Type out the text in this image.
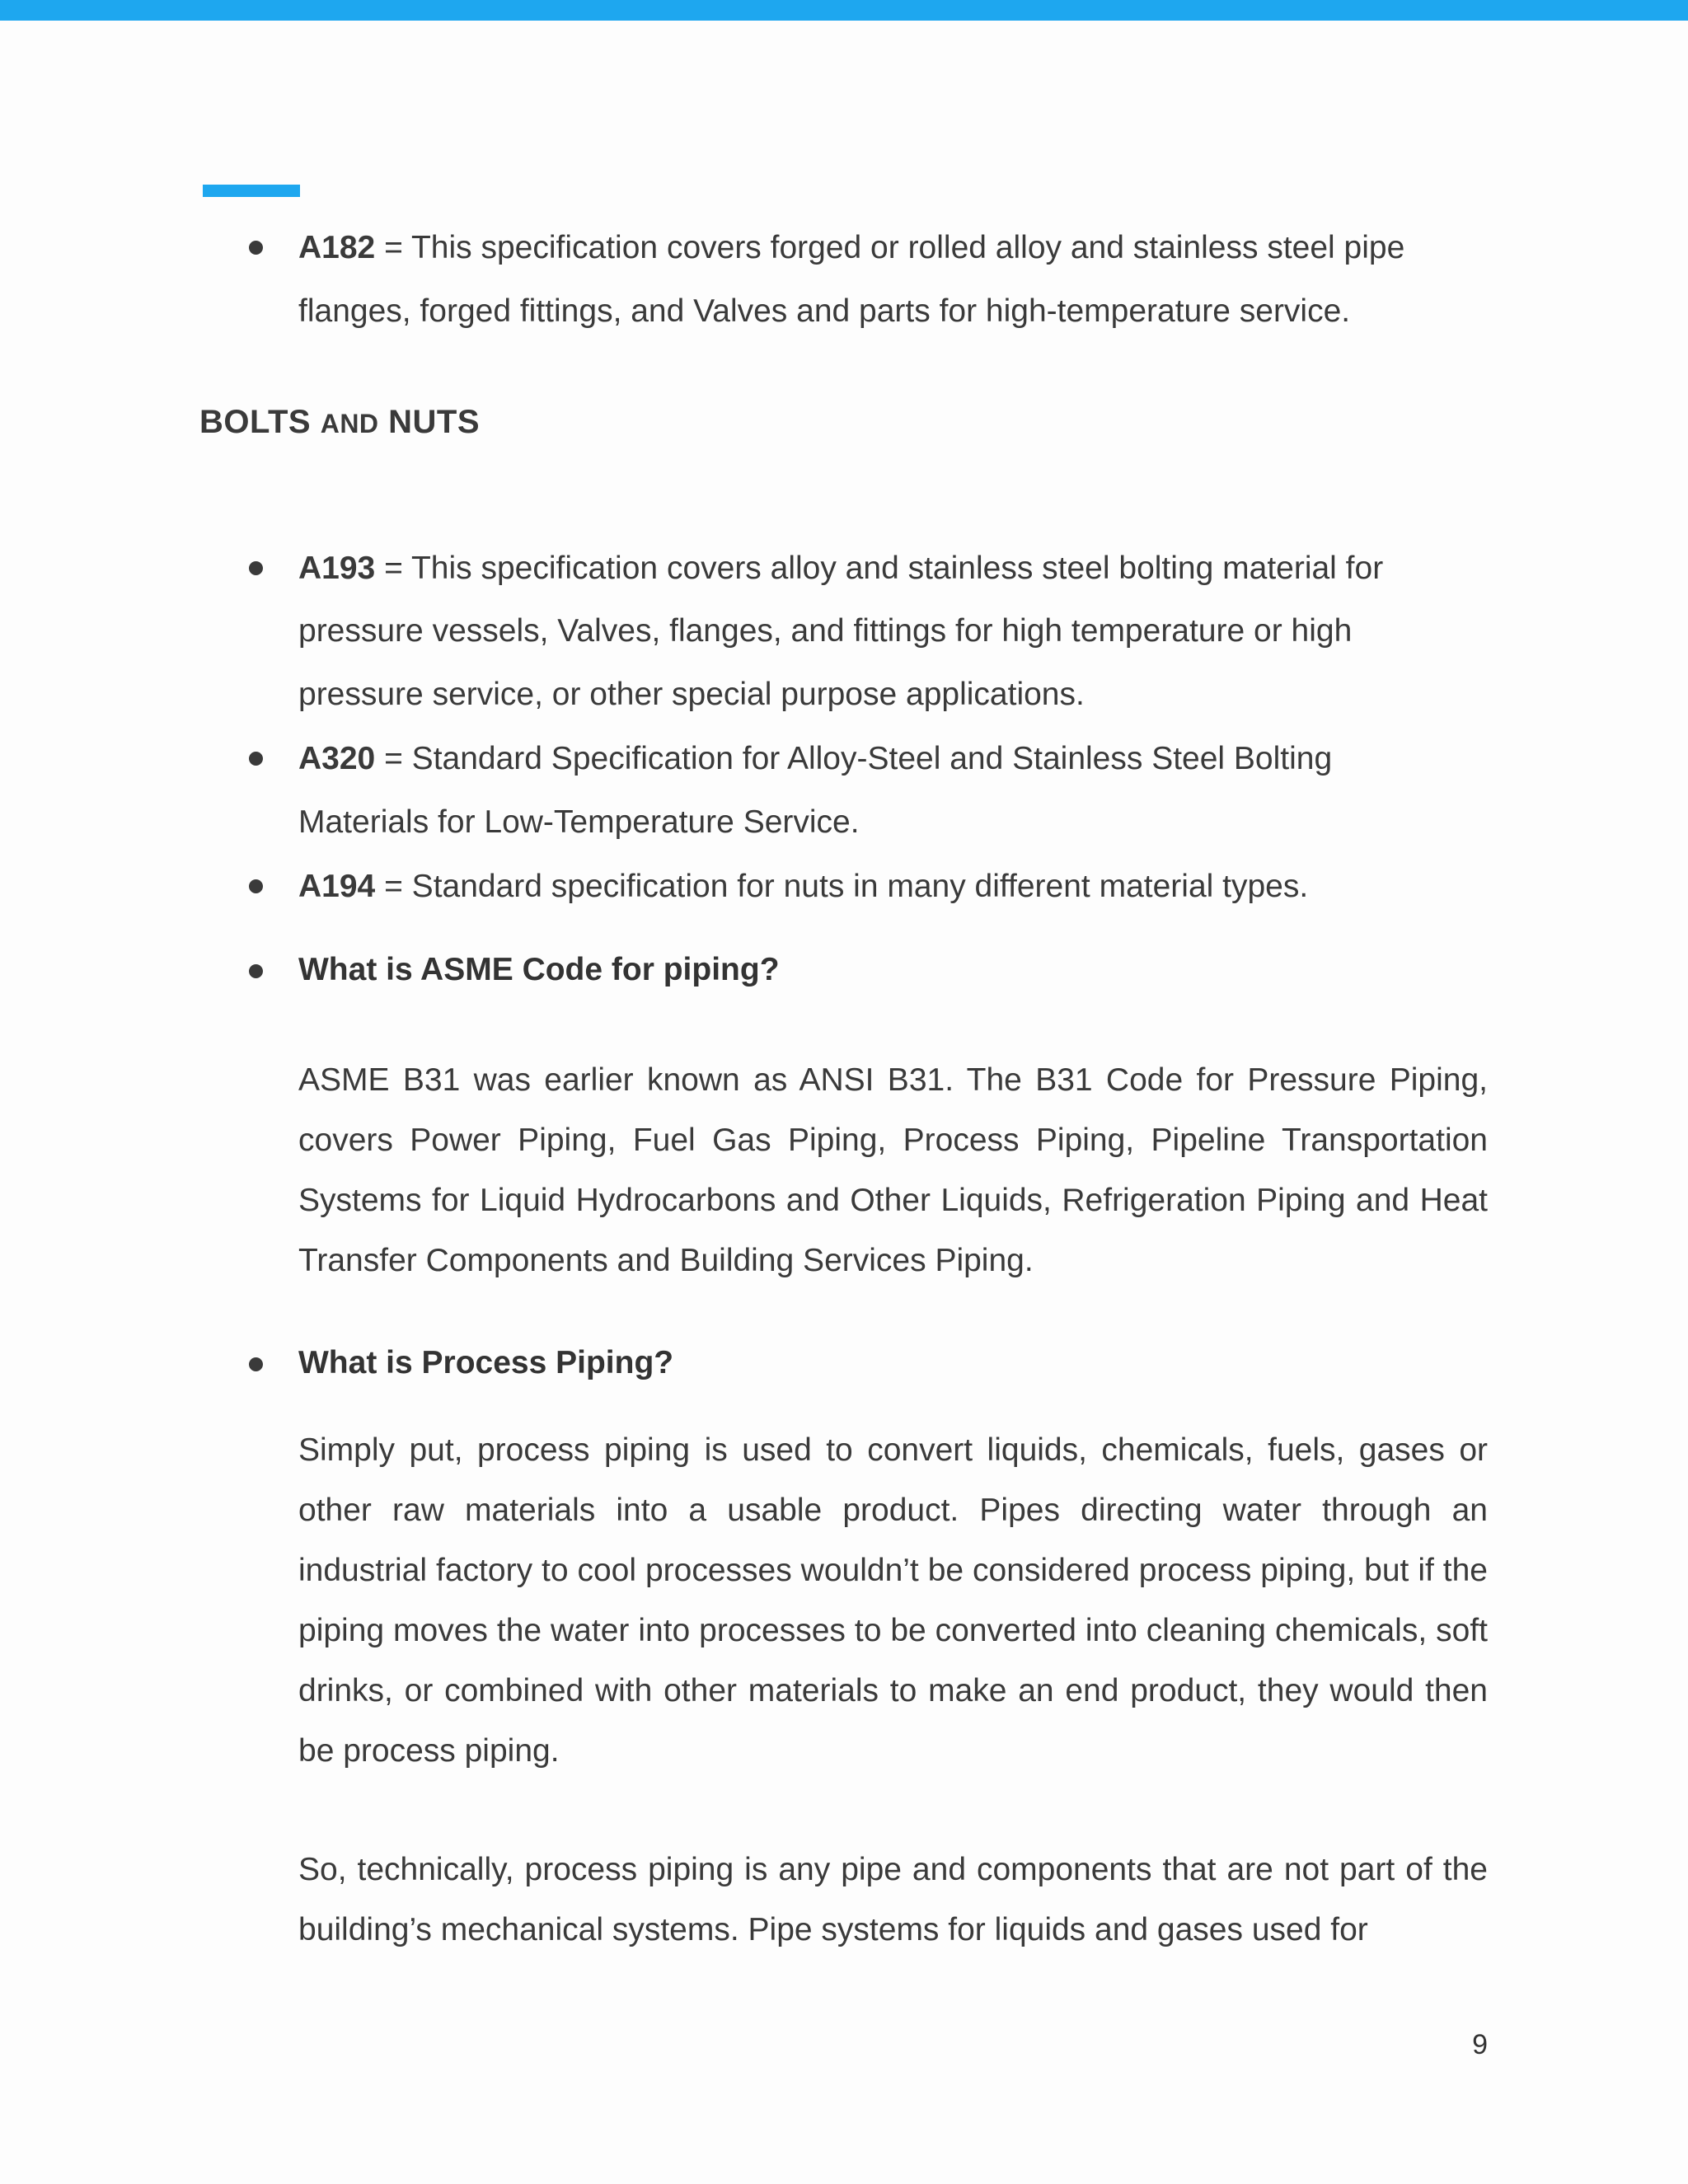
A182 = This specification covers forged or rolled alloy and stainless steel pipe

flanges, forged fittings, and Valves and parts for high-temperature service.

BOLTS AND NUTS

A193 = This specification covers alloy and stainless steel bolting material for

pressure vessels, Valves, flanges, and fittings for high temperature or high

pressure service, or other special purpose applications.

A320 = Standard Specification for Alloy-Steel and Stainless Steel Bolting

Materials for Low-Temperature Service.

A194 = Standard specification for nuts in many different material types.

What is ASME Code for piping?

ASME B31 was earlier known as ANSI B31. The B31 Code for Pressure Piping, covers Power Piping, Fuel Gas Piping, Process Piping, Pipeline Transportation Systems for Liquid Hydrocarbons and Other Liquids, Refrigeration Piping and Heat Transfer Components and Building Services Piping.

What is Process Piping?

Simply put, process piping is used to convert liquids, chemicals, fuels, gases or other raw materials into a usable product. Pipes directing water through an industrial factory to cool processes wouldn’t be considered process piping, but if the piping moves the water into processes to be converted into cleaning chemicals, soft drinks, or combined with other materials to make an end product, they would then be process piping.

So, technically, process piping is any pipe and components that are not part of the building’s mechanical systems. Pipe systems for liquids and gases used for

9
